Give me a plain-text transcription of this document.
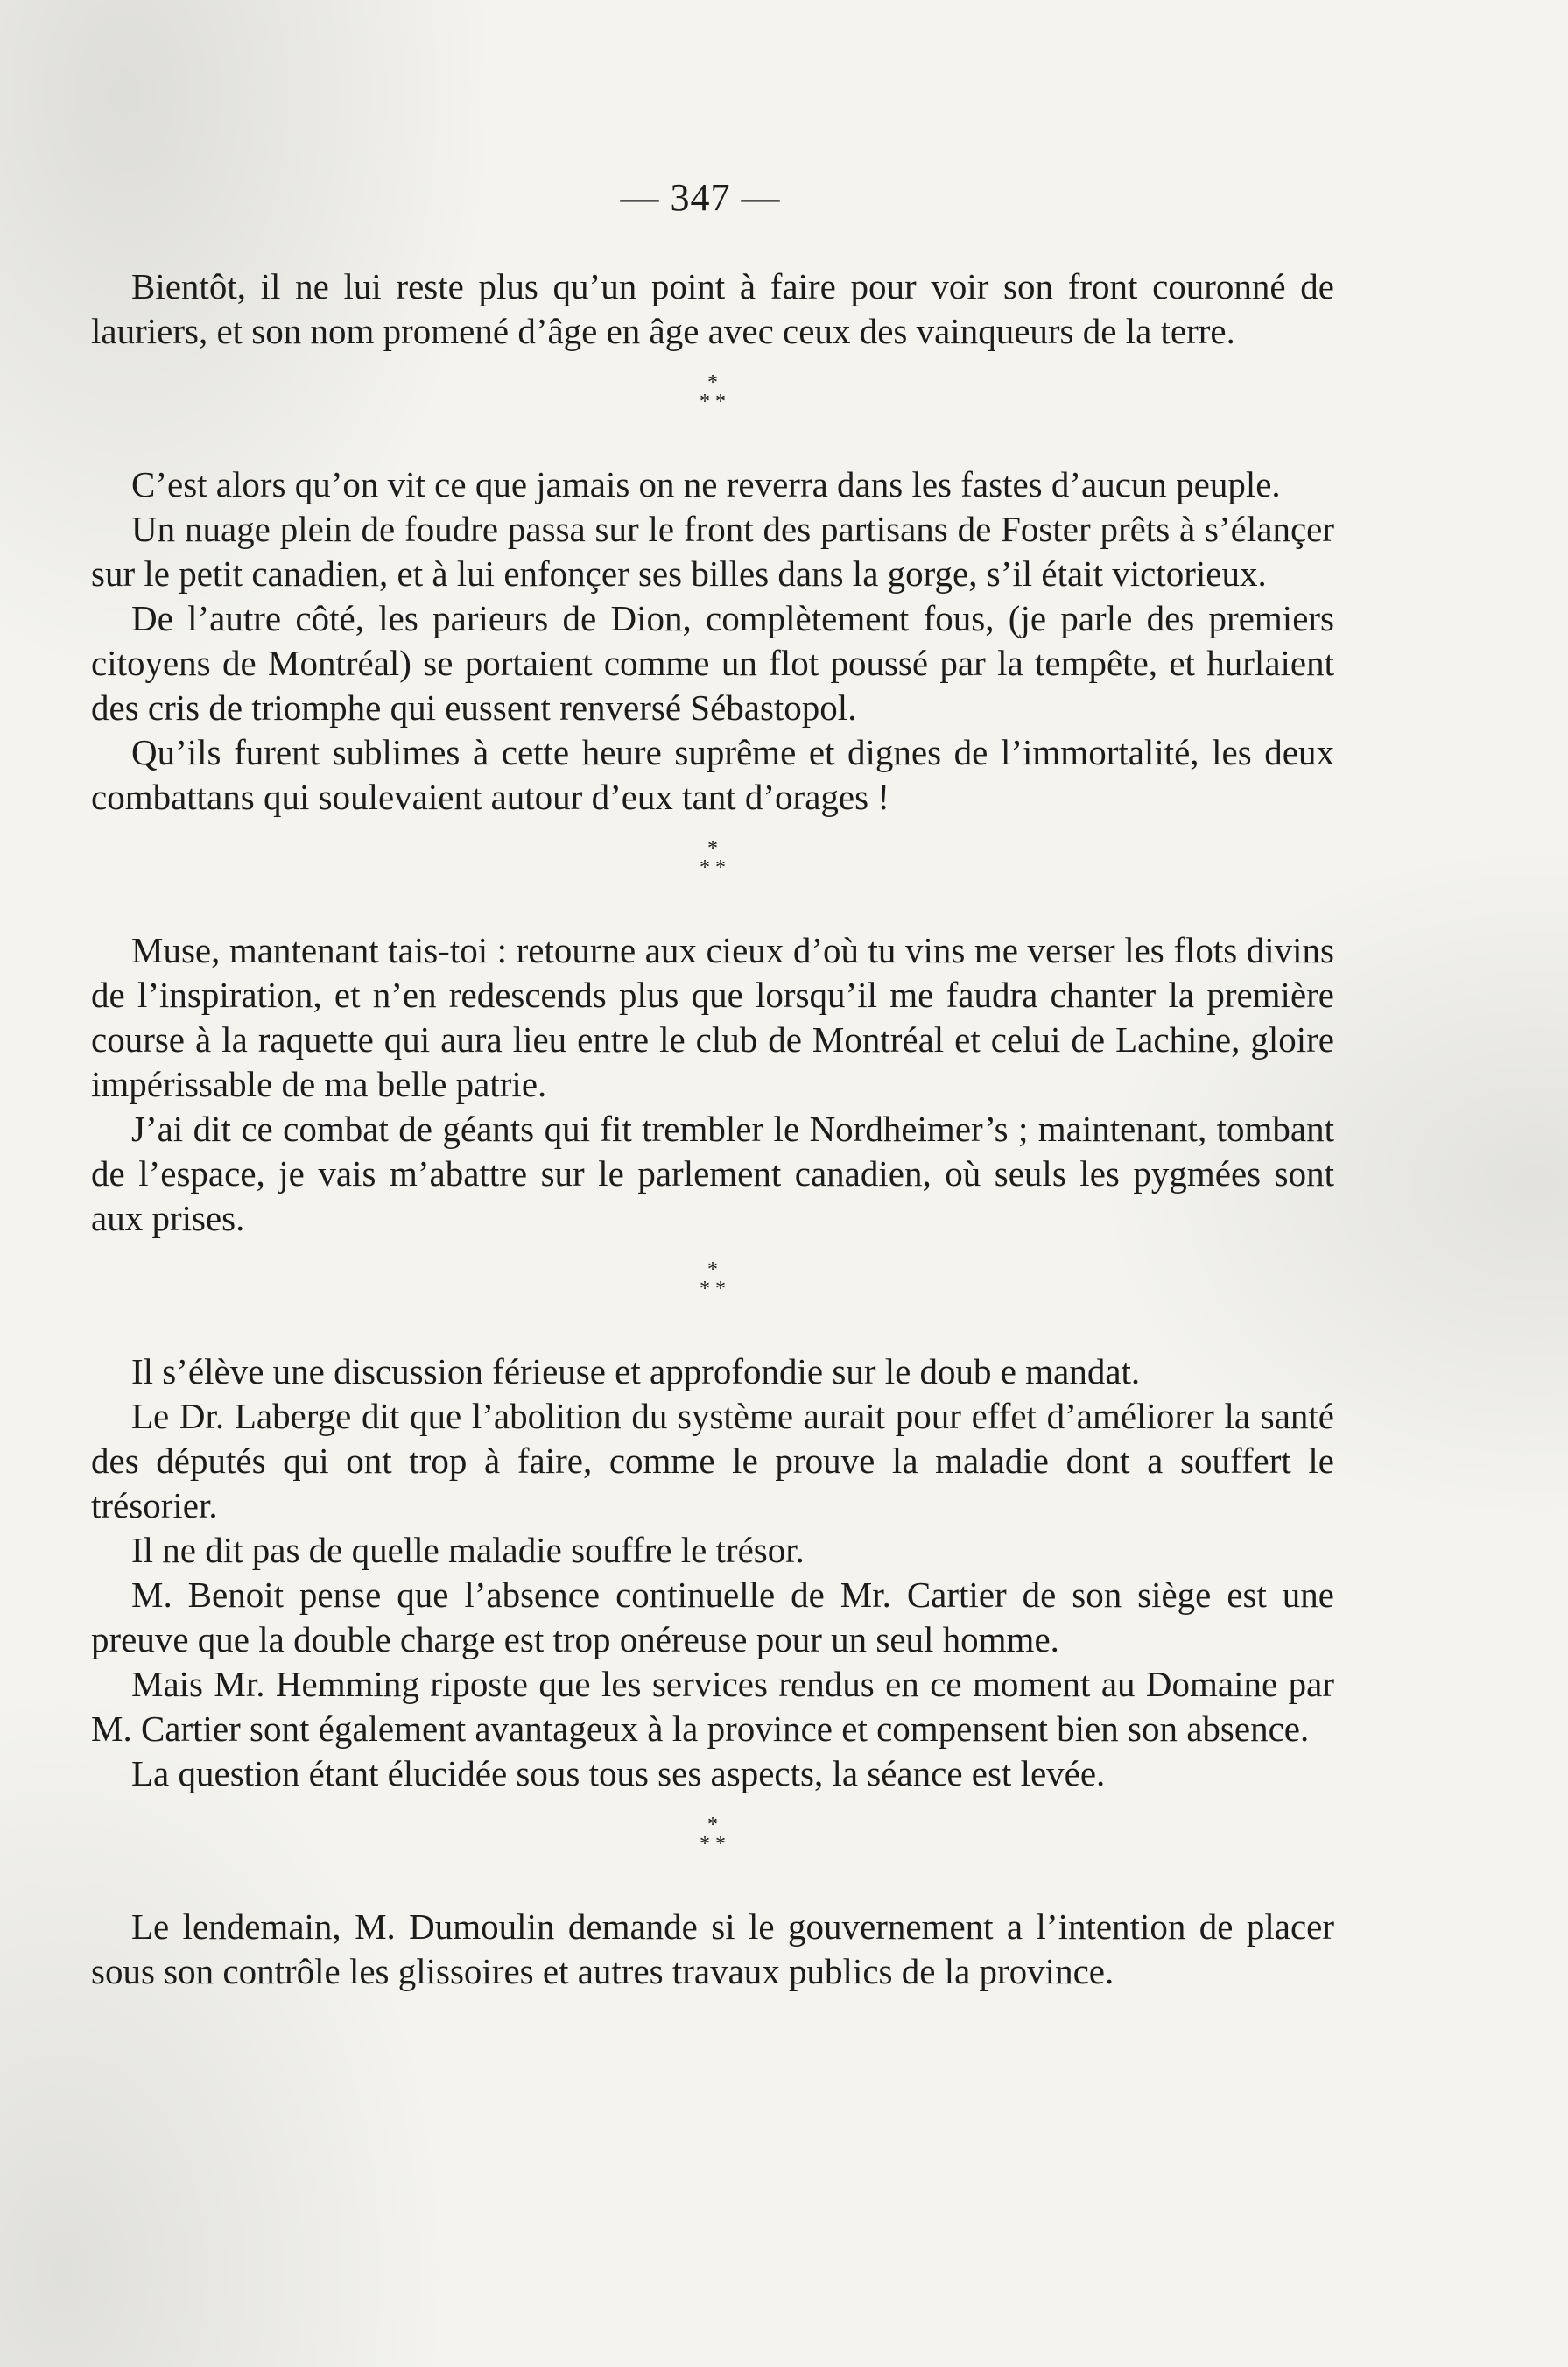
— 347 —

Bientôt, il ne lui reste plus qu’un point à faire pour voir son front couronné de lauriers, et son nom promené d’âge en âge avec ceux des vainqueurs de la terre.

*
* *

C’est alors qu’on vit ce que jamais on ne reverra dans les fastes d’aucun peuple.

Un nuage plein de foudre passa sur le front des partisans de Foster prêts à s’élançer sur le petit canadien, et à lui enfonçer ses billes dans la gorge, s’il était victorieux.

De l’autre côté, les parieurs de Dion, complètement fous, (je parle des premiers citoyens de Montréal) se portaient comme un flot poussé par la tempête, et hurlaient des cris de triomphe qui eussent renversé Sébastopol.

Qu’ils furent sublimes à cette heure suprême et dignes de l’immortalité, les deux combattans qui soulevaient autour d’eux tant d’orages !

*
* *

Muse, mantenant tais-toi : retourne aux cieux d’où tu vins me verser les flots divins de l’inspiration, et n’en redescends plus que lorsqu’il me faudra chanter la première course à la raquette qui aura lieu entre le club de Montréal et celui de Lachine, gloire impérissable de ma belle patrie.

J’ai dit ce combat de géants qui fit trembler le Nordheimer’s ; maintenant, tombant de l’espace, je vais m’abattre sur le parlement canadien, où seuls les pygmées sont aux prises.

*
* *

Il s’élève une discussion férieuse et approfondie sur le doub e mandat.

Le Dr. Laberge dit que l’abolition du système aurait pour effet d’améliorer la santé des députés qui ont trop à faire, comme le prouve la maladie dont a souffert le trésorier.

Il ne dit pas de quelle maladie souffre le trésor.

M. Benoit pense que l’absence continuelle de Mr. Cartier de son siège est une preuve que la double charge est trop onéreuse pour un seul homme.

Mais Mr. Hemming riposte que les services rendus en ce moment au Domaine par M. Cartier sont également avantageux à la province et compensent bien son absence.

La question étant élucidée sous tous ses aspects, la séance est levée.

*
* *

Le lendemain, M. Dumoulin demande si le gouvernement a l’intention de placer sous son contrôle les glissoires et autres travaux publics de la province.
